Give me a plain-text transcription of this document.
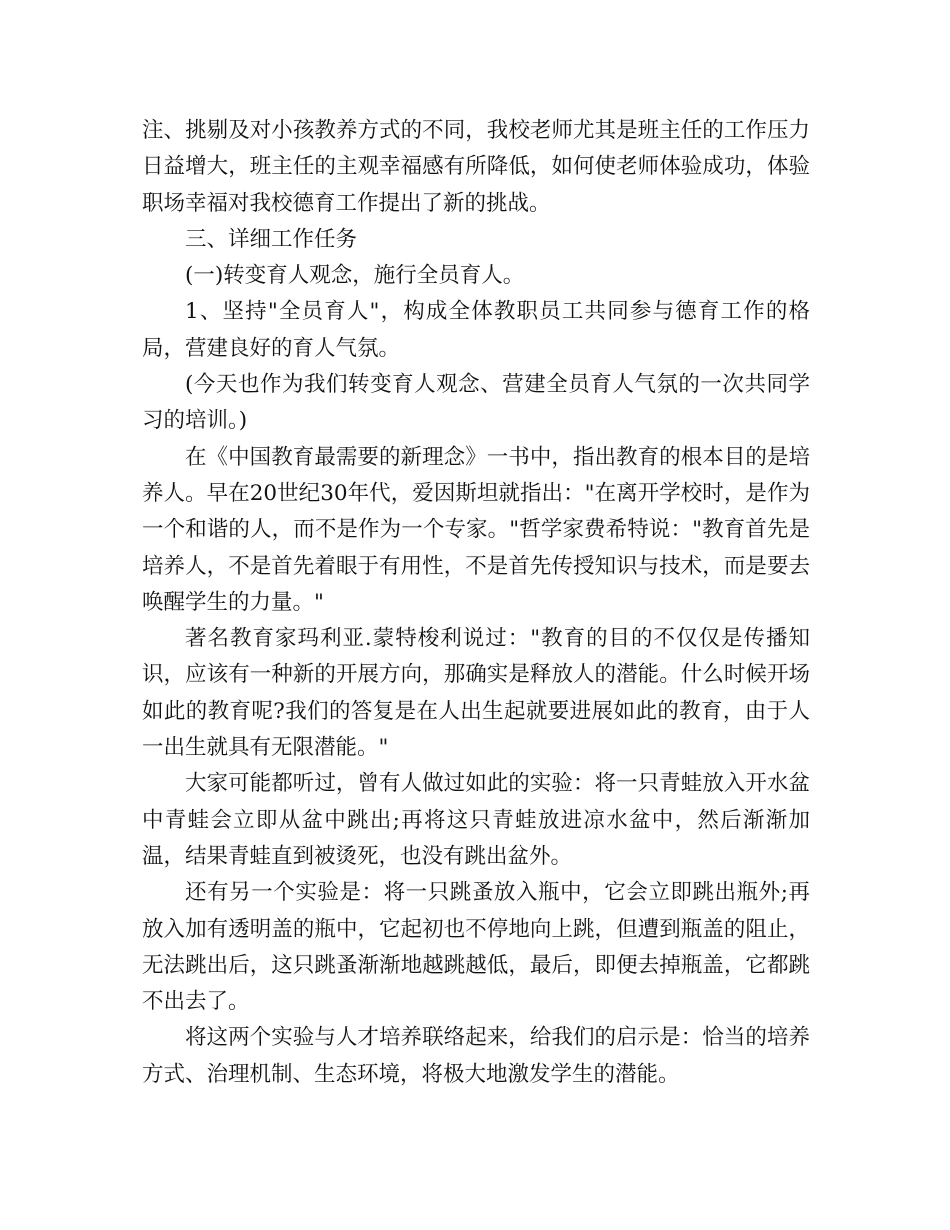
注、挑剔及对小孩教养方式的不同，我校老师尤其是班主任的工作压力日益增大，班主任的主观幸福感有所降低，如何使老师体验成功，体验职场幸福对我校德育工作提出了新的挑战。

三、详细工作任务

(一)转变育人观念，施行全员育人。

1、坚持"全员育人"，构成全体教职员工共同参与德育工作的格局，营建良好的育人气氛。

(今天也作为我们转变育人观念、营建全员育人气氛的一次共同学习的培训。)

在《中国教育最需要的新理念》一书中，指出教育的根本目的是培养人。早在20世纪30年代，爱因斯坦就指出："在离开学校时，是作为一个和谐的人，而不是作为一个专家。"哲学家费希特说："教育首先是培养人，不是首先着眼于有用性，不是首先传授知识与技术，而是要去唤醒学生的力量。"

著名教育家玛利亚.蒙特梭利说过："教育的目的不仅仅是传播知识，应该有一种新的开展方向，那确实是释放人的潜能。什么时候开场如此的教育呢?我们的答复是在人出生起就要进展如此的教育，由于人一出生就具有无限潜能。"

大家可能都听过，曾有人做过如此的实验：将一只青蛙放入开水盆中青蛙会立即从盆中跳出;再将这只青蛙放进凉水盆中，然后渐渐加温，结果青蛙直到被烫死，也没有跳出盆外。

还有另一个实验是：将一只跳蚤放入瓶中，它会立即跳出瓶外;再放入加有透明盖的瓶中，它起初也不停地向上跳，但遭到瓶盖的阻止，无法跳出后，这只跳蚤渐渐地越跳越低，最后，即便去掉瓶盖，它都跳不出去了。

将这两个实验与人才培养联络起来，给我们的启示是：恰当的培养方式、治理机制、生态环境，将极大地激发学生的潜能。
